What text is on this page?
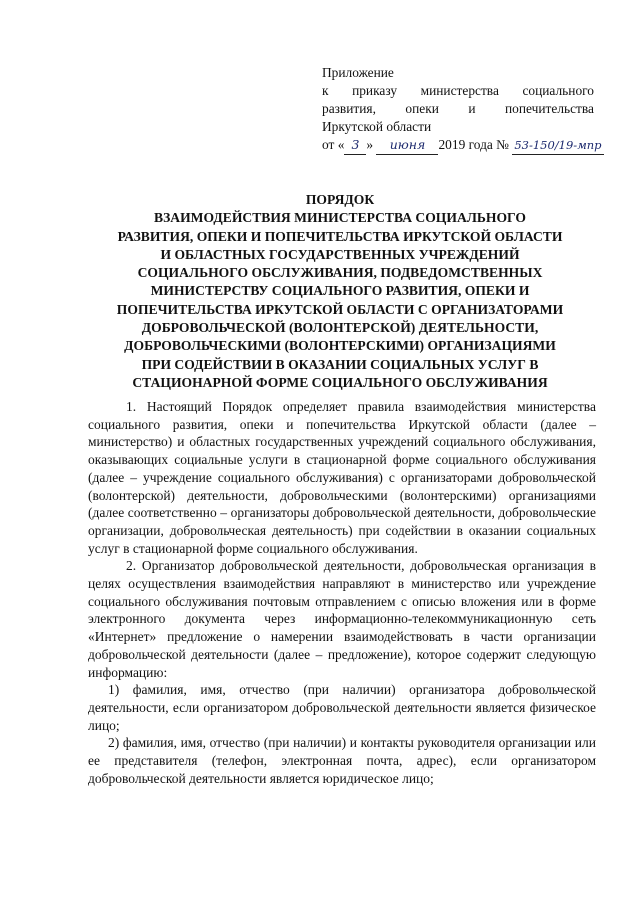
Приложение
к приказу министерства социального
развития, опеки и попечительства
Иркутской области
от « 3 » июня 2019 года № 53-150/19-мпр
ПОРЯДОК
ВЗАИМОДЕЙСТВИЯ МИНИСТЕРСТВА СОЦИАЛЬНОГО
РАЗВИТИЯ, ОПЕКИ И ПОПЕЧИТЕЛЬСТВА ИРКУТСКОЙ ОБЛАСТИ
И ОБЛАСТНЫХ ГОСУДАРСТВЕННЫХ УЧРЕЖДЕНИЙ
СОЦИАЛЬНОГО ОБСЛУЖИВАНИЯ, ПОДВЕДОМСТВЕННЫХ
МИНИСТЕРСТВУ СОЦИАЛЬНОГО РАЗВИТИЯ, ОПЕКИ И
ПОПЕЧИТЕЛЬСТВА ИРКУТСКОЙ ОБЛАСТИ С ОРГАНИЗАТОРАМИ
ДОБРОВОЛЬЧЕСКОЙ (ВОЛОНТЕРСКОЙ) ДЕЯТЕЛЬНОСТИ,
ДОБРОВОЛЬЧЕСКИМИ (ВОЛОНТЕРСКИМИ) ОРГАНИЗАЦИЯМИ
ПРИ СОДЕЙСТВИИ В ОКАЗАНИИ СОЦИАЛЬНЫХ УСЛУГ В
СТАЦИОНАРНОЙ ФОРМЕ СОЦИАЛЬНОГО ОБСЛУЖИВАНИЯ

1. Настоящий Порядок определяет правила взаимодействия министерства социального развития, опеки и попечительства Иркутской области (далее – министерство) и областных государственных учреждений социального обслуживания, оказывающих социальные услуги в стационарной форме социального обслуживания (далее – учреждение социального обслуживания) с организаторами добровольческой (волонтерской) деятельности, добровольческими (волонтерскими) организациями (далее соответственно – организаторы добровольческой деятельности, добровольческие организации, добровольческая деятельность) при содействии в оказании социальных услуг в стационарной форме социального обслуживания.

2. Организатор добровольческой деятельности, добровольческая организация в целях осуществления взаимодействия направляют в министерство или учреждение социального обслуживания почтовым отправлением с описью вложения или в форме электронного документа через информационно-телекоммуникационную сеть «Интернет» предложение о намерении взаимодействовать в части организации добровольческой деятельности (далее – предложение), которое содержит следующую информацию:

1) фамилия, имя, отчество (при наличии) организатора добровольческой деятельности, если организатором добровольческой деятельности является физическое лицо;

2) фамилия, имя, отчество (при наличии) и контакты руководителя организации или ее представителя (телефон, электронная почта, адрес), если организатором добровольческой деятельности является юридическое лицо;
